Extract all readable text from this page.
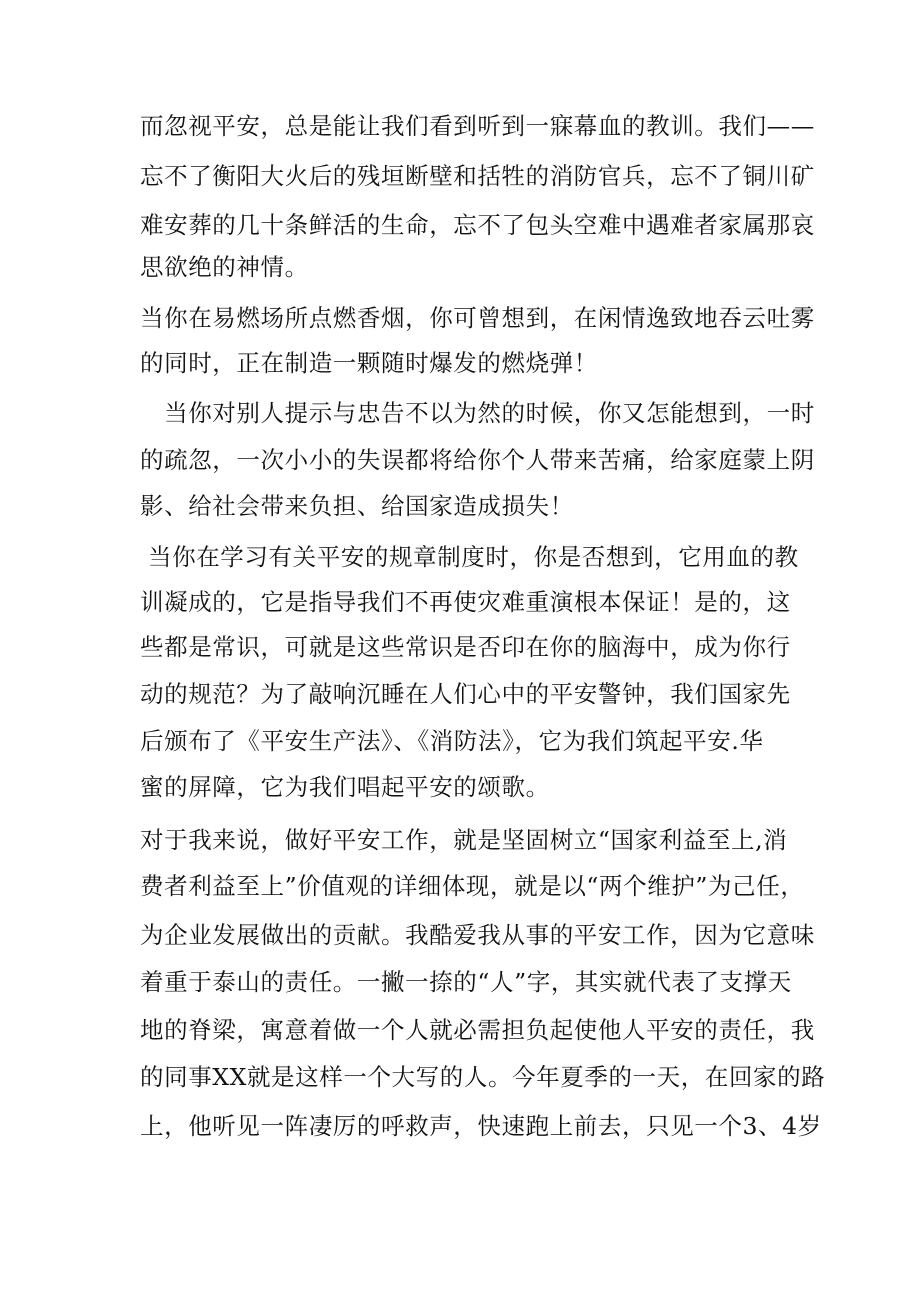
而忽视平安，总是能让我们看到听到一寐幕血的教训。我们——
忘不了衡阳大火后的残垣断壁和括牲的消防官兵，忘不了铜川矿
难安葬的几十条鲜活的生命，忘不了包头空难中遇难者家属那哀
思欲绝的神情。
当你在易燃场所点燃香烟，你可曾想到，在闲情逸致地吞云吐雾
的同时，正在制造一颗随时爆发的燃烧弹！
　当你对别人提示与忠告不以为然的时候，你又怎能想到，一时
的疏忽，一次小小的失误都将给你个人带来苦痛，给家庭蒙上阴
影、给社会带来负担、给国家造成损失！
当你在学习有关平安的规章制度时，你是否想到，它用血的教
训凝成的，它是指导我们不再使灾难重演根本保证！是的，这
些都是常识，可就是这些常识是否印在你的脑海中，成为你行
动的规范？为了敲响沉睡在人们心中的平安警钟，我们国家先
后颁布了《平安生产法》、《消防法》，它为我们筑起平安.华
蜜的屏障，它为我们唱起平安的颂歌。
对于我来说，做好平安工作，就是坚固树立“国家利益至上,消
费者利益至上”价值观的详细体现，就是以“两个维护”为己任，
为企业发展做出的贡献。我酷爱我从事的平安工作，因为它意味
着重于泰山的责任。一撇一捺的“人”字，其实就代表了支撑天
地的脊梁，寓意着做一个人就必需担负起使他人平安的责任，我
的同事XX就是这样一个大写的人。今年夏季的一天，在回家的路
上，他听见一阵凄厉的呼救声，快速跑上前去，只见一个3、4岁
